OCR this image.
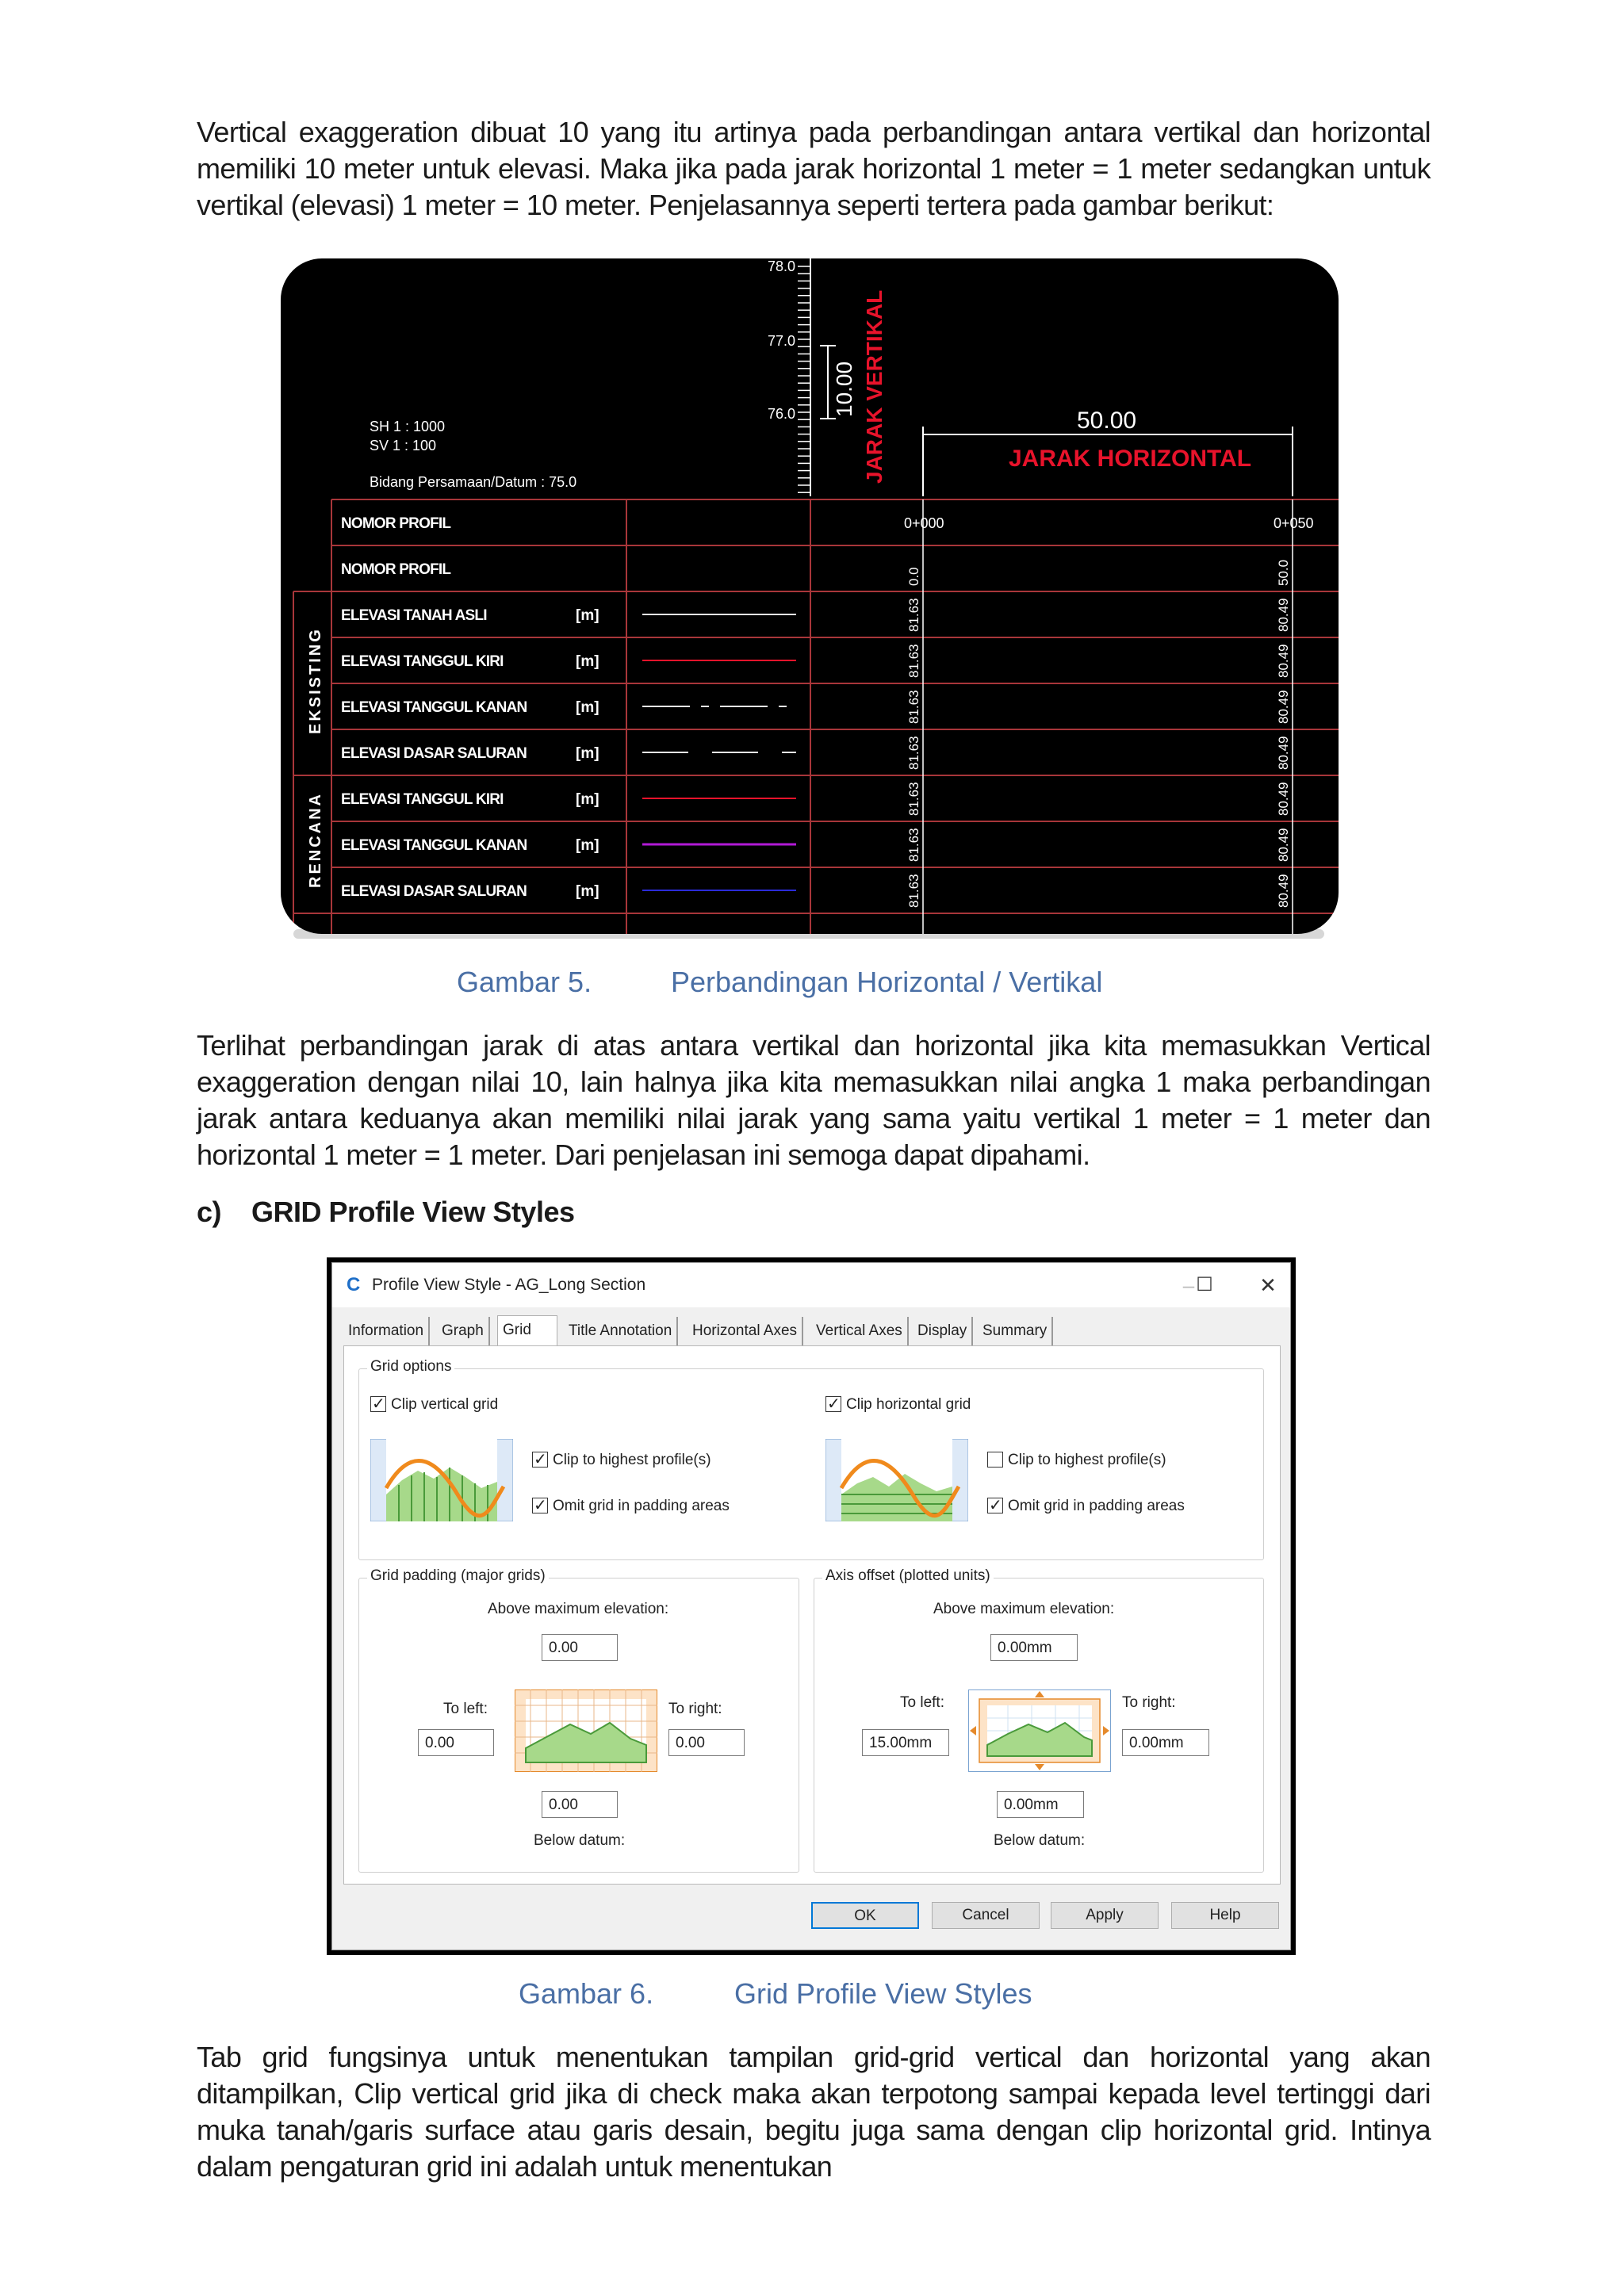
Vertical exaggeration dibuat 10 yang itu artinya pada perbandingan antara vertikal dan horizontal memiliki 10 meter untuk elevasi. Maka jika pada jarak horizontal 1 meter = 1 meter sedangkan untuk vertikal (elevasi) 1 meter = 10 meter. Penjelasannya seperti tertera pada gambar berikut:
78.0
77.0
76.0
SH 1 : 1000
SV 1 : 100
Bidang Persamaan/Datum : 75.0
10.00 JARAK VERTIKAL	50.00
JARAK HORIZONTAL
EKSISTING
RENCANA
NOMOR PROFIL	0+000	0+050
NOMOR PROFIL	0.0	50.0
ELEVASI TANAH ASLI	[m]	81.63	80.49
ELEVASI TANGGUL KIRI	[m]	81.63	80.49
ELEVASI TANGGUL KANAN	[m]	81.63	80.49
ELEVASI DASAR SALURAN	[m]	81.63	80.49
ELEVASI TANGGUL KIRI	[m]	81.63	80.49
ELEVASI TANGGUL KANAN	[m]	81.63	80.49
ELEVASI DASAR SALURAN	[m]	81.63	80.49
Gambar 5.	Perbandingan Horizontal / Vertikal
Terlihat perbandingan jarak di atas antara vertikal dan horizontal jika kita memasukkan Vertical exaggeration dengan nilai 10, lain halnya jika kita memasukkan nilai angka 1 maka perbandingan jarak antara keduanya akan memiliki nilai jarak yang sama yaitu vertikal 1 meter = 1 meter dan horizontal 1 meter = 1 meter. Dari penjelasan ini semoga dapat dipahami.
c)    GRID Profile View Styles
C Profile View Style - AG_Long Section	– ☐	✕
Information	Graph	Grid	Title Annotation	Horizontal Axes	Vertical Axes	Display	Summary
Grid options
✓
Clip vertical grid
✓
Clip to highest profile(s)
✓
Omit grid in padding areas
✓
Clip horizontal grid
Clip to highest profile(s)
✓
Omit grid in padding areas
Grid padding (major grids)
Above maximum elevation:
0.00
To left:
0.00
To right:
0.00
0.00
Below datum:
Axis offset (plotted units)
Above maximum elevation:
0.00mm
To left:
15.00mm
To right:
0.00mm
0.00mm
Below datum:
OK	Cancel	Apply	Help
Gambar 6.	Grid Profile View Styles
Tab grid fungsinya untuk menentukan tampilan grid-grid vertical dan horizontal yang akan ditampilkan, Clip vertical grid jika di check maka akan terpotong sampai kepada level tertinggi dari muka tanah/garis surface atau garis desain, begitu juga sama dengan clip horizontal grid. Intinya dalam pengaturan grid ini adalah untuk menentukan
